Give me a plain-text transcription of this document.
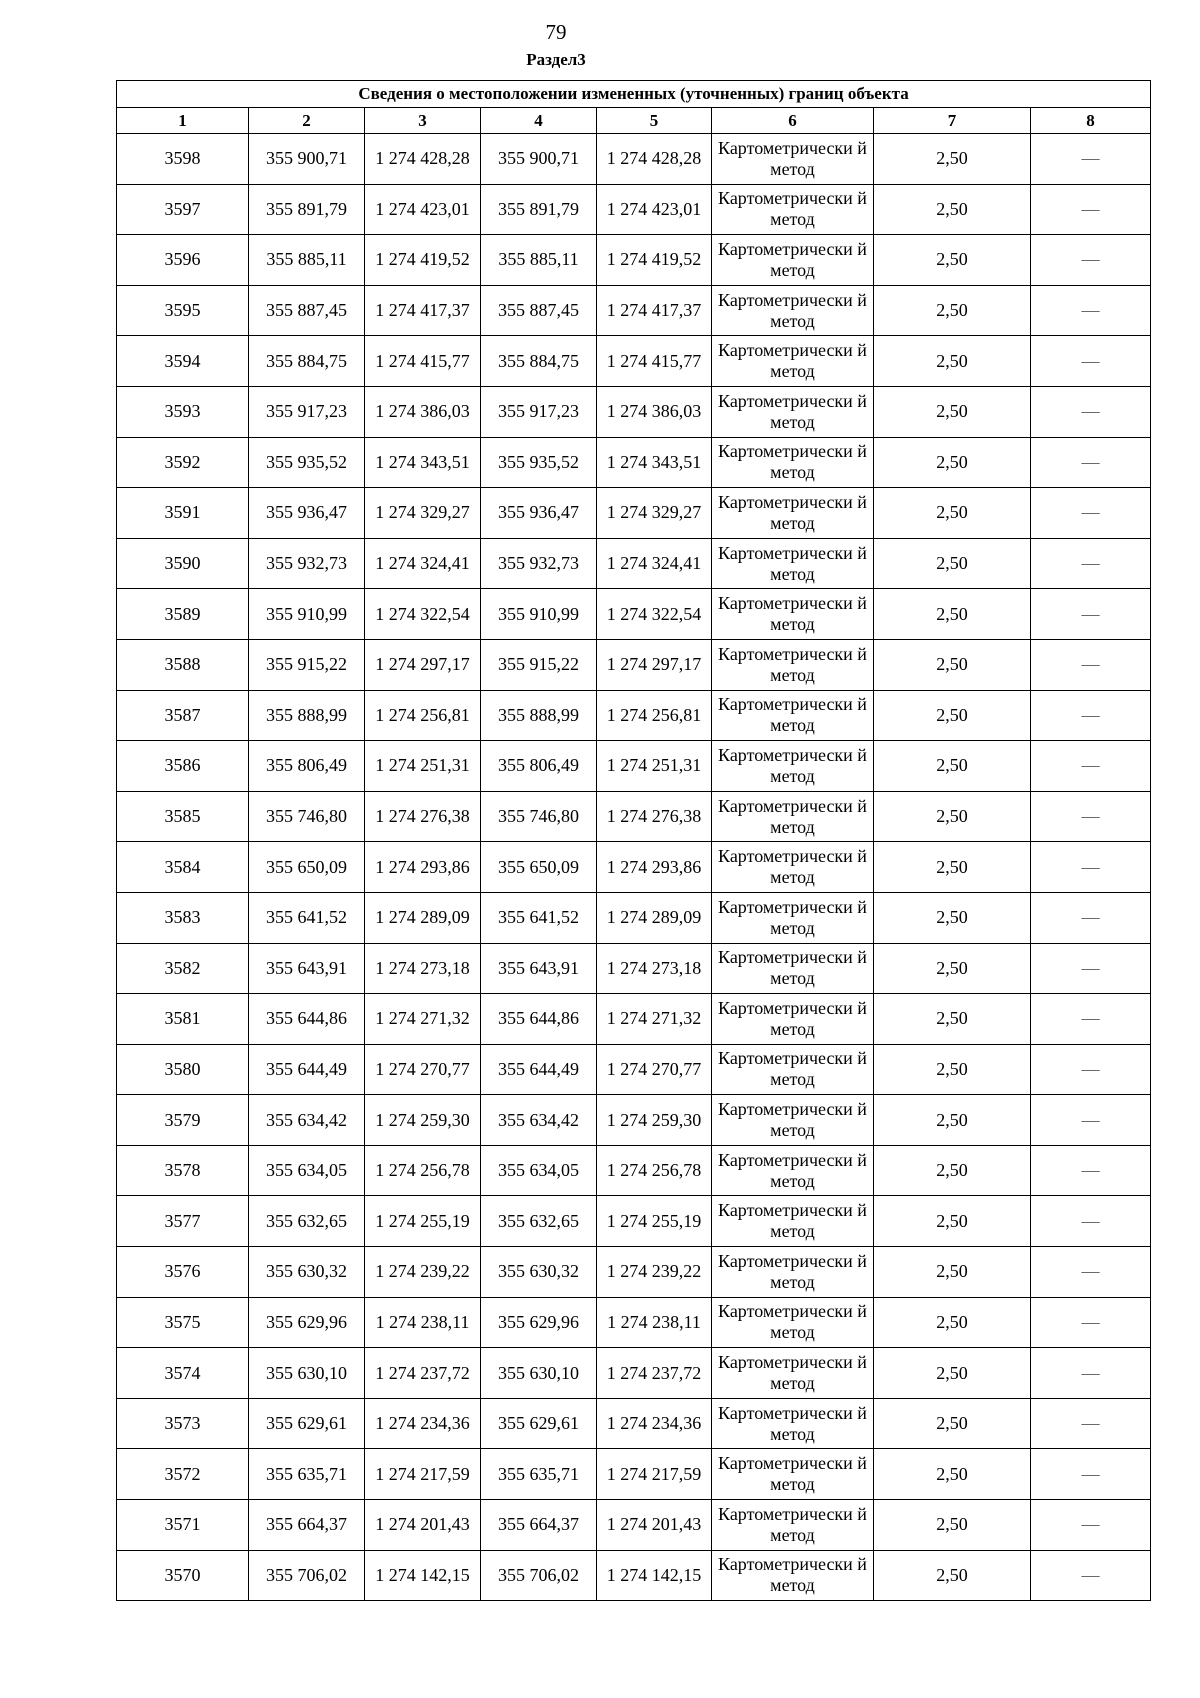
79
Раздел3
Сведения о местоположении измененных (уточненных) границ объекта							
1	2	3	4	5	6	7	8
3598	355 900,71	1 274 428,28	355 900,71	1 274 428,28	Картометрически й метод	2,50	—
3597	355 891,79	1 274 423,01	355 891,79	1 274 423,01	Картометрически й метод	2,50	—
3596	355 885,11	1 274 419,52	355 885,11	1 274 419,52	Картометрически й метод	2,50	—
3595	355 887,45	1 274 417,37	355 887,45	1 274 417,37	Картометрически й метод	2,50	—
3594	355 884,75	1 274 415,77	355 884,75	1 274 415,77	Картометрически й метод	2,50	—
3593	355 917,23	1 274 386,03	355 917,23	1 274 386,03	Картометрически й метод	2,50	—
3592	355 935,52	1 274 343,51	355 935,52	1 274 343,51	Картометрически й метод	2,50	—
3591	355 936,47	1 274 329,27	355 936,47	1 274 329,27	Картометрически й метод	2,50	—
3590	355 932,73	1 274 324,41	355 932,73	1 274 324,41	Картометрически й метод	2,50	—
3589	355 910,99	1 274 322,54	355 910,99	1 274 322,54	Картометрически й метод	2,50	—
3588	355 915,22	1 274 297,17	355 915,22	1 274 297,17	Картометрически й метод	2,50	—
3587	355 888,99	1 274 256,81	355 888,99	1 274 256,81	Картометрически й метод	2,50	—
3586	355 806,49	1 274 251,31	355 806,49	1 274 251,31	Картометрически й метод	2,50	—
3585	355 746,80	1 274 276,38	355 746,80	1 274 276,38	Картометрически й метод	2,50	—
3584	355 650,09	1 274 293,86	355 650,09	1 274 293,86	Картометрически й метод	2,50	—
3583	355 641,52	1 274 289,09	355 641,52	1 274 289,09	Картометрически й метод	2,50	—
3582	355 643,91	1 274 273,18	355 643,91	1 274 273,18	Картометрически й метод	2,50	—
3581	355 644,86	1 274 271,32	355 644,86	1 274 271,32	Картометрически й метод	2,50	—
3580	355 644,49	1 274 270,77	355 644,49	1 274 270,77	Картометрически й метод	2,50	—
3579	355 634,42	1 274 259,30	355 634,42	1 274 259,30	Картометрически й метод	2,50	—
3578	355 634,05	1 274 256,78	355 634,05	1 274 256,78	Картометрически й метод	2,50	—
3577	355 632,65	1 274 255,19	355 632,65	1 274 255,19	Картометрически й метод	2,50	—
3576	355 630,32	1 274 239,22	355 630,32	1 274 239,22	Картометрически й метод	2,50	—
3575	355 629,96	1 274 238,11	355 629,96	1 274 238,11	Картометрически й метод	2,50	—
3574	355 630,10	1 274 237,72	355 630,10	1 274 237,72	Картометрически й метод	2,50	—
3573	355 629,61	1 274 234,36	355 629,61	1 274 234,36	Картометрически й метод	2,50	—
3572	355 635,71	1 274 217,59	355 635,71	1 274 217,59	Картометрически й метод	2,50	—
3571	355 664,37	1 274 201,43	355 664,37	1 274 201,43	Картометрически й метод	2,50	—
3570	355 706,02	1 274 142,15	355 706,02	1 274 142,15	Картометрически й метод	2,50	—
